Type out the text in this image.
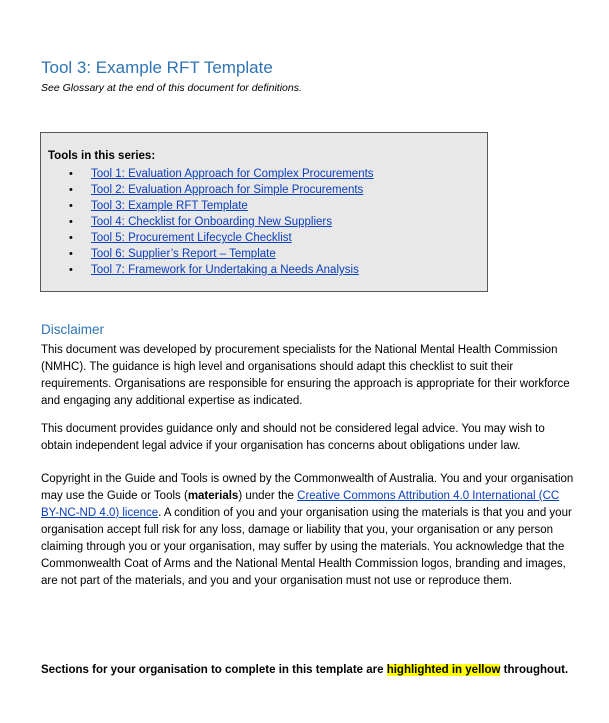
Tool 3: Example RFT Template

See Glossary at the end of this document for definitions.

Tools in this series:
• Tool 1: Evaluation Approach for Complex Procurements
• Tool 2: Evaluation Approach for Simple Procurements
• Tool 3: Example RFT Template
• Tool 4: Checklist for Onboarding New Suppliers
• Tool 5: Procurement Lifecycle Checklist
• Tool 6: Supplier’s Report – Template
• Tool 7: Framework for Undertaking a Needs Analysis
Disclaimer

This document was developed by procurement specialists for the National Mental Health Commission (NMHC). The guidance is high level and organisations should adapt this checklist to suit their requirements. Organisations are responsible for ensuring the approach is appropriate for their workforce and engaging any additional expertise as indicated.

This document provides guidance only and should not be considered legal advice. You may wish to obtain independent legal advice if your organisation has concerns about obligations under law.

Copyright in the Guide and Tools is owned by the Commonwealth of Australia. You and your organisation may use the Guide or Tools (materials) under the Creative Commons Attribution 4.0 International (CC BY-NC-ND 4.0) licence. A condition of you and your organisation using the materials is that you and your organisation accept full risk for any loss, damage or liability that you, your organisation or any person claiming through you or your organisation, may suffer by using the materials. You acknowledge that the Commonwealth Coat of Arms and the National Mental Health Commission logos, branding and images, are not part of the materials, and you and your organisation must not use or reproduce them.

Sections for your organisation to complete in this template are highlighted in yellow throughout.
